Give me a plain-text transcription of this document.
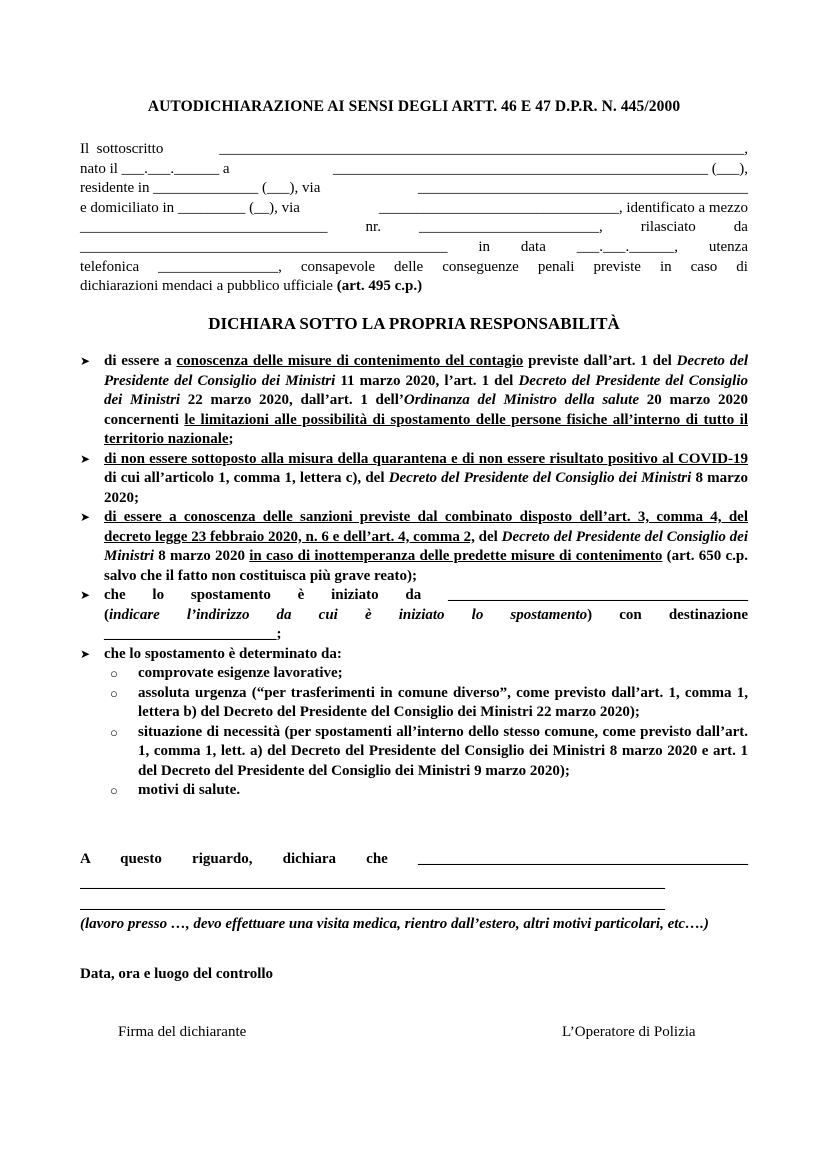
AUTODICHIARAZIONE AI SENSI DEGLI ARTT. 46 E 47 D.P.R. N. 445/2000
Il  sottoscritto	______________________________________________________________________,
nato il ___.___.______ a	__________________________________________________ (___),
residente in ______________ (___), via	____________________________________________
e domiciliato in _________ (__), via	________________________________, identificato a mezzo
_________________________________	nr.	________________________,	rilasciato	da
_________________________________________________ in data ___.___.______, utenza
telefonica ________________, consapevole delle conseguenze penali previste in caso di
dichiarazioni mendaci a pubblico ufficiale (art. 495 c.p.)
DICHIARA SOTTO LA PROPRIA RESPONSABILITÀ
➤ di essere a conoscenza delle misure di contenimento del contagio previste dall’art. 1 del Decreto del Presidente del Consiglio dei Ministri 11 marzo 2020, l’art. 1 del Decreto del Presidente del Consiglio dei Ministri 22 marzo 2020, dall’art. 1 dell’Ordinanza del Ministro della salute 20 marzo 2020 concernenti le limitazioni alle possibilità di spostamento delle persone fisiche all’interno di tutto il territorio nazionale;
➤ di non essere sottoposto alla misura della quarantena e di non essere risultato positivo al COVID-19 di cui all’articolo 1, comma 1, lettera c), del Decreto del Presidente del Consiglio dei Ministri 8 marzo 2020;
➤ di essere a conoscenza delle sanzioni previste dal combinato disposto dell’art. 3, comma 4, del decreto legge 23 febbraio 2020, n. 6 e dell’art. 4, comma 2, del Decreto del Presidente del Consiglio dei Ministri 8 marzo 2020 in caso di inottemperanza delle predette misure di contenimento (art. 650 c.p. salvo che il fatto non costituisca più grave reato);
➤ che lo spostamento è iniziato da ________________________________________
(indicare l’indirizzo da cui è iniziato lo spostamento) con destinazione
_______________________;
➤ che lo spostamento è determinato da:
○ comprovate esigenze lavorative;
○ assoluta urgenza (“per trasferimenti in comune diverso”, come previsto dall’art. 1, comma 1, lettera b) del Decreto del Presidente del Consiglio dei Ministri 22 marzo 2020);
○ situazione di necessità (per spostamenti all’interno dello stesso comune, come previsto dall’art. 1, comma 1, lett. a) del Decreto del Presidente del Consiglio dei Ministri 8 marzo 2020 e art. 1 del Decreto del Presidente del Consiglio dei Ministri 9 marzo 2020);
○ motivi di salute.
A questo riguardo, dichiara che ____________________________________________
______________________________________________________________________________
______________________________________________________________________________
(lavoro presso …, devo effettuare una visita medica, rientro dall’estero, altri motivi particolari, etc….)
Data, ora e luogo del controllo
Firma del dichiarante	L’Operatore di Polizia
